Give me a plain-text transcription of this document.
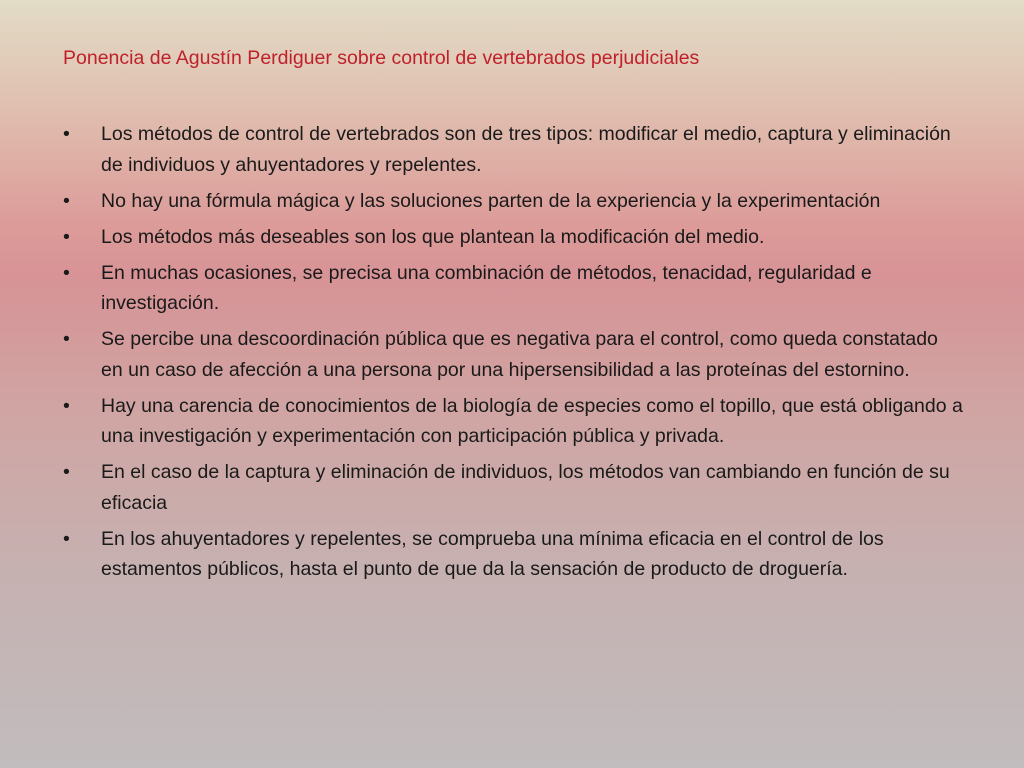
Ponencia de Agustín Perdiguer sobre control de vertebrados perjudiciales
•	Los métodos de control de vertebrados son de tres tipos: modificar el medio, captura y eliminación de individuos y ahuyentadores y repelentes.
•	No hay una fórmula mágica y las soluciones parten de la experiencia y la experimentación
•	Los métodos más deseables son los que plantean la modificación del medio.
•	En muchas ocasiones, se precisa una combinación de métodos, tenacidad, regularidad e investigación.
•	Se percibe una descoordinación pública que es negativa para el control, como queda constatado en un caso de afección a una persona por una hipersensibilidad a las proteínas del estornino.
•	Hay una carencia de conocimientos de la biología de especies como el topillo, que está obligando a una investigación y experimentación con participación pública y privada.
•	En el caso de la captura y eliminación de individuos, los métodos van cambiando en función de su eficacia
•	En los ahuyentadores y repelentes, se comprueba una mínima eficacia en el control de los estamentos públicos, hasta el punto de que da la sensación de producto de droguería.
